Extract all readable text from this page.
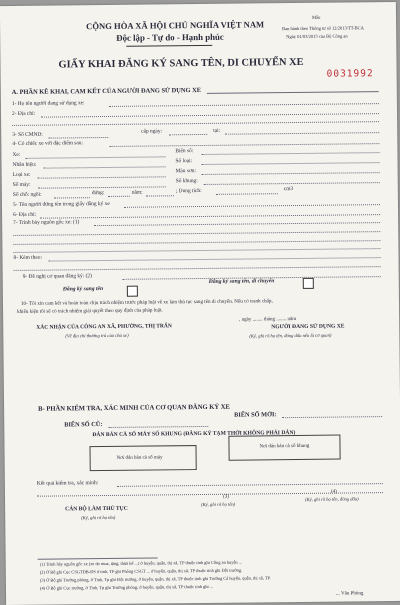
CỘNG HÒA XÃ HỘI CHỦ NGHĨA VIỆT NAM
Độc lập - Tự do - Hạnh phúc
Mẫu
Ban hành theo Thông tư số 12/2013/TT-BCA
Ngày 01/03/2013 của Bộ Công an
GIẤY KHAI ĐĂNG KÝ SANG TÊN, DI CHUYỂN XE
0031992
A. PHẦN KÊ KHAI, CAM KẾT CỦA NGƯỜI ĐANG SỬ DỤNG XE
1- Họ tên người đang sử dụng xe:
2- Địa chỉ:
3- Số CMND:
cấp ngày:	tại:
4- Có chiếc xe với đặc điểm sau:
Xe:
Biển số:
Nhãn hiệu:
Số loại:
Loại xe:
Màu sơn:
Số máy:
Số khung:
Số chỗ: ngồi:	đứng:	nằm:	; Dung tích:	cm3
5- Tên người đứng tên trong giấy đăng ký xe
6- Địa chỉ:
7- Trình bày nguồn gốc xe: (1)
8- Kèm theo:
9- Đề nghị cơ quan đăng ký: (2)
Đăng ký sang tên
Đăng ký sang tên, di chuyển
10- Tôi xin cam kết và hoàn toàn chịu trách nhiệm trước pháp luật về xe làm thủ tục sang tên di chuyển. Nếu có tranh chấp,
khiếu kiện tôi sẽ có trách nhiệm giải quyết theo quy định của pháp luật.
, ngày ........ tháng ........ năm
XÁC NHẬN CỦA CÔNG AN XÃ, PHƯỜNG, THỊ TRẤN
(Về địa chỉ thường trú của chủ xe)
NGƯỜI ĐANG SỬ DỤNG XE
(Ký, ghi rõ họ tên, đóng dấu nếu là cơ quan)
B- PHẦN KIỂM TRA, XÁC MINH CỦA CƠ QUAN ĐĂNG KÝ XE
BIỂN SỐ CŨ:
BIỂN SỐ MỚI:
ĐÁN BẢN CÀ SỐ MÁY SỐ KHUNG (ĐĂNG KÝ TẠM THỜI KHÔNG PHẢI DÁN)
Nơi dán bản cà số máy
Nơi dán bản cà số khung
Kết quả kiểm tra, xác minh:
(3)
(Ký, ghi rõ họ tên)
(4)
(Ký, ghi rõ họ tên, đóng dấu)
CÁN BỘ LÀM THỦ TỤC
(Ký, ghi rõ họ tên)
(1) Trình bày nguồn gốc xe (xe do mua, tặng, thừa kế ...) ở huyện, quận, thị xã, TP thuộc tỉnh ghi Công an huyện ...
(2) Ở Bộ ghi Cục CSGTĐB-ĐS ở tỉnh, TP ghi Phòng CSGT ... ở huyện, quận, thị xã, TP thuộc tỉnh ghi Đội trưởng.
(3) Ở Bộ ghi Trưởng phòng, ở Tỉnh, Tp ghi Đội trưởng, ở huyện, quận, thị xã, TP thuộc tỉnh ghi Trưởng Cá huyện, quận, thị xã, TP.
(4) Ở Bộ ghi Cục trưởng, ở Tỉnh, Tp ghi Trưởng phòng, ở huyện, quận, thị xã, TP thuộc tỉnh ghi ...
... Văn Phòng
